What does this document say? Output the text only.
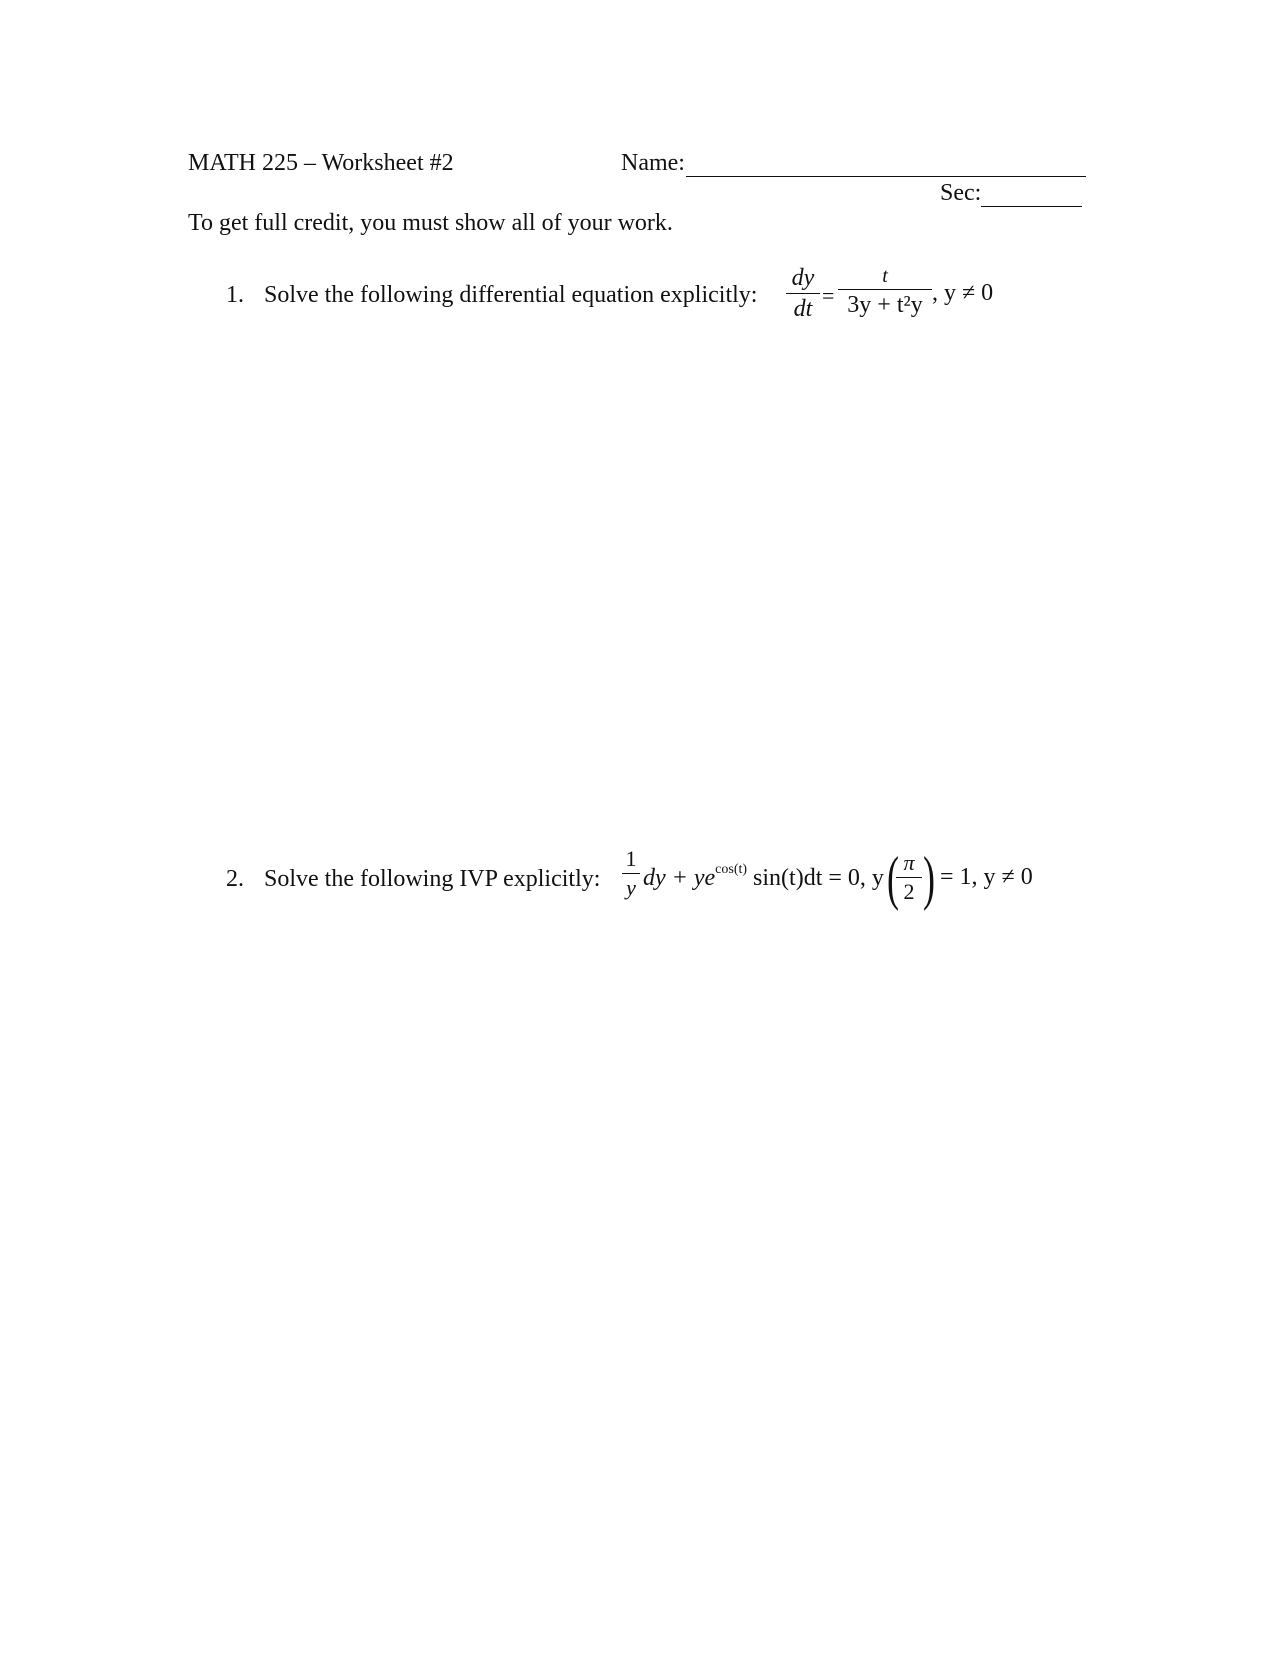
MATH 225 – Worksheet #2	Name:
Sec:
To get full credit, you must show all of your work.
1. Solve the following differential equation explicitly:
dy
dt
=
t
3y + t²y , y ≠ 0
2. Solve the following IVP explicitly:
1
y dy + $ye^{cos(t)}$ sin(t)dt = 0, y ( π
2 ) = 1, y ≠ 0
